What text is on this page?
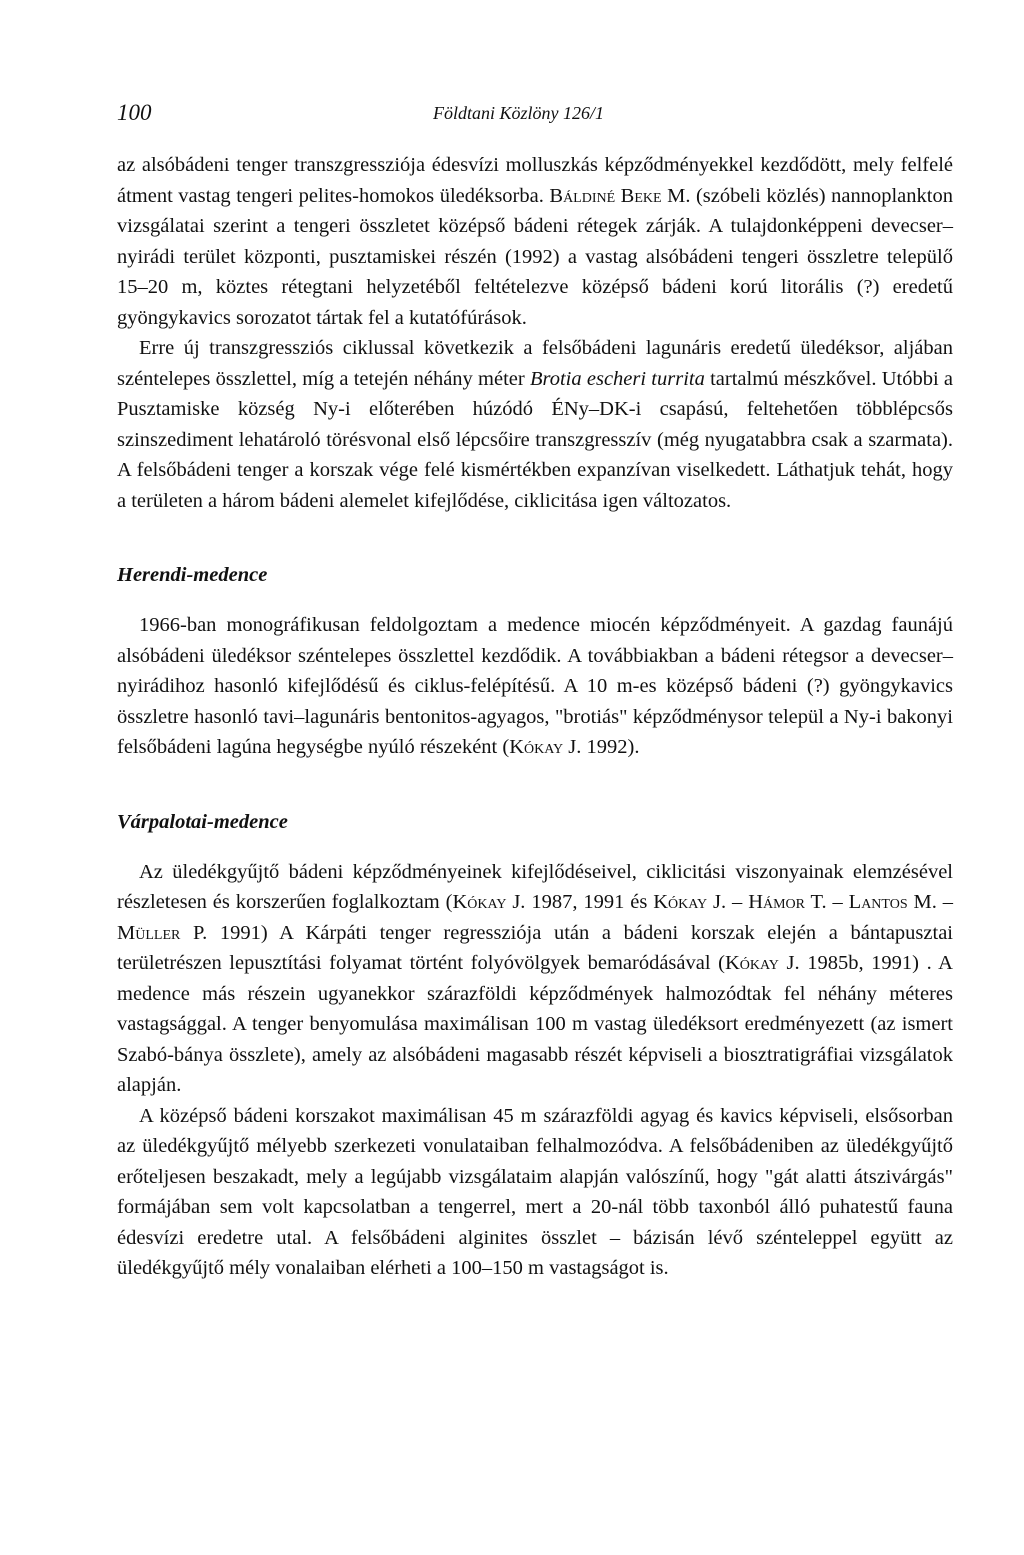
100	Földtani Közlöny 126/1

az alsóbádeni tenger transzgressziója édesvízi molluszkás képződményekkel kezdődött, mely felfelé átment vastag tengeri pelites-homokos üledéksorba. Báldiné Beke M. (szóbeli közlés) nannoplankton vizsgálatai szerint a tengeri összletet középső bádeni rétegek zárják. A tulajdonképpeni devecser–nyirádi terület központi, pusztamiskei részén (1992) a vastag alsóbádeni tengeri összletre települő 15–20 m, köztes rétegtani helyzetéből feltételezve középső bádeni korú litorális (?) eredetű gyöngykavics sorozatot tártak fel a kutatófúrások.

Erre új transzgressziós ciklussal következik a felsőbádeni lagunáris eredetű üledéksor, aljában széntelepes összlettel, míg a tetején néhány méter Brotia escheri turrita tartalmú mészkővel. Utóbbi a Pusztamiske község Ny-i előterében húzódó ÉNy–DK-i csapású, feltehetően többlépcsős szinszediment lehatároló törésvonal első lépcsőire transzgresszív (még nyugatabbra csak a szarmata). A felsőbádeni tenger a korszak vége felé kismértékben expanzívan viselkedett. Láthatjuk tehát, hogy a területen a három bádeni alemelet kifejlődése, ciklicitása igen változatos.

Herendi-medence

1966-ban monográfikusan feldolgoztam a medence miocén képződményeit. A gazdag faunájú alsóbádeni üledéksor széntelepes összlettel kezdődik. A továbbiakban a bádeni rétegsor a devecser–nyirádihoz hasonló kifejlődésű és ciklus-felépítésű. A 10 m-es középső bádeni (?) gyöngykavics összletre hasonló tavi–lagunáris bentonitos-agyagos, "brotiás" képződménysor települ a Ny-i bakonyi felsőbádeni lagúna hegységbe nyúló részeként (Kókay J. 1992).

Várpalotai-medence

Az üledékgyűjtő bádeni képződményeinek kifejlődéseivel, ciklicitási viszonyainak elemzésével részletesen és korszerűen foglalkoztam (Kókay J. 1987, 1991 és Kókay J. – Hámor T. – Lantos M. – Müller P. 1991) A Kárpáti tenger regressziója után a bádeni korszak elején a bántapusztai területrészen lepusztítási folyamat történt folyóvölgyek bemaródásával (Kókay J. 1985b, 1991) . A medence más részein ugyanekkor szárazföldi képződmények halmozódtak fel néhány méteres vastagsággal. A tenger benyomulása maximálisan 100 m vastag üledéksort eredményezett (az ismert Szabó-bánya összlete), amely az alsóbádeni magasabb részét képviseli a biosztratigráfiai vizsgálatok alapján.

A középső bádeni korszakot maximálisan 45 m szárazföldi agyag és kavics képviseli, elsősorban az üledékgyűjtő mélyebb szerkezeti vonulataiban felhalmozódva. A felsőbádeniben az üledékgyűjtő erőteljesen beszakadt, mely a legújabb vizsgálataim alapján valószínű, hogy "gát alatti átszivárgás" formájában sem volt kapcsolatban a tengerrel, mert a 20-nál több taxonból álló puhatestű fauna édesvízi eredetre utal. A felsőbádeni alginites összlet – bázisán lévő szénteleppel együtt az üledékgyűjtő mély vonalaiban elérheti a 100–150 m vastagságot is.
